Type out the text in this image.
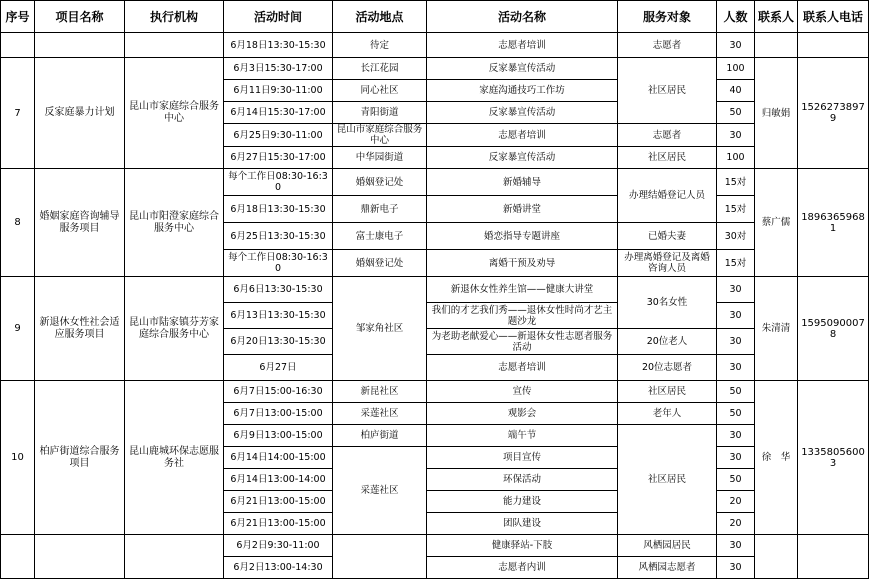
序号	项目名称	执行机构	活动时间	活动地点	活动名称	服务对象	人数	联系人	联系人电话
			6月18日13:30-15:30	待定	志愿者培训	志愿者	30		
7	反家庭暴力计划	昆山市家庭综合服务中心	6月3日15:30-17:00	长江花园	反家暴宣传活动	社区居民	100	归敏娟	15262738979
			6月11日9:30-11:00	同心社区	家庭沟通技巧工作坊		40		
			6月14日15:30-17:00	青阳街道	反家暴宣传活动		50		
			6月25日9:30-11:00	昆山市家庭综合服务中心	志愿者培训	志愿者	30		
			6月27日15:30-17:00	中华园街道	反家暴宣传活动	社区居民	100		
8	婚姻家庭咨询辅导服务项目	昆山市阳澄家庭综合服务中心	每个工作日08:30-16:30	婚姻登记处	新婚辅导	办理结婚登记人员	15对	蔡广儒	18963659681
			6月18日13:30-15:30	鼎新电子	新婚讲堂		15对		
			6月25日13:30-15:30	富士康电子	婚恋指导专题讲座	已婚夫妻	30对		
			每个工作日08:30-16:30	婚姻登记处	离婚干预及劝导	办理离婚登记及离婚咨询人员	15对		
9	新退休女性社会适应服务项目	昆山市陆家镇芬芳家庭综合服务中心	6月6日13:30-15:30	邹家角社区	新退休女性养生馆——健康大讲堂	30名女性	30	朱清清	15950900078
			6月13日13:30-15:30		我们的才艺我们秀——退休女性时尚才艺主题沙龙		30		
			6月20日13:30-15:30		为老助老献爱心——新退休女性志愿者服务活动	20位老人	30		
			6月27日		志愿者培训	20位志愿者	30		
10	柏庐街道综合服务项目	昆山鹿城环保志愿服务社	6月7日15:00-16:30	新昆社区	宣传	社区居民	50	徐　华	13358056003
			6月7日13:00-15:00	采莲社区	观影会	老年人	50		
			6月9日13:00-15:00	柏庐街道	端午节	社区居民	30		
			6月14日14:00-15:00	采莲社区	项目宣传		30		
			6月14日13:00-14:00		环保活动		50		
			6月21日13:00-15:00		能力建设		20		
			6月21日13:00-15:00		团队建设		20		
			6月2日9:30-11:00		健康驿站-下肢	风栖园居民	30		
			6月2日13:00-14:30		志愿者内训	风栖园志愿者	30		
